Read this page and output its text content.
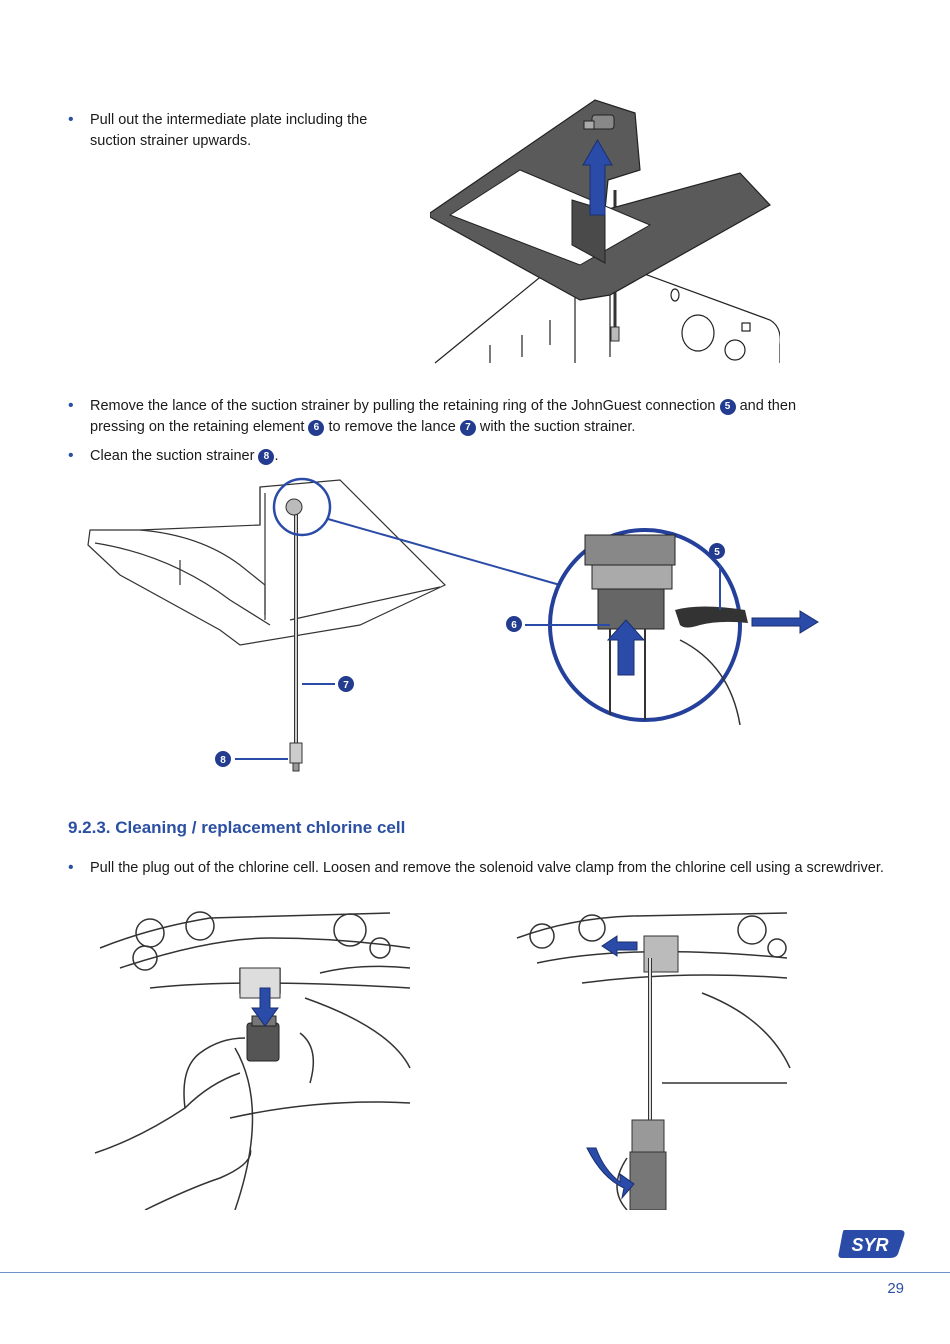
• Pull out the intermediate plate including the suction strainer upwards.
• Remove the lance of the suction strainer by pulling the retaining ring of the JohnGuest connection 5 and then pressing on the retaining element 6 to remove the lance 7 with the suction strainer.
• Clean the suction strainer 8 .
5
6
7
8
9.2.3. Cleaning / replacement chlorine cell
• Pull the plug out of the chlorine cell. Loosen and remove the solenoid valve clamp from the chlorine cell using a screwdriver.
SYR
29
